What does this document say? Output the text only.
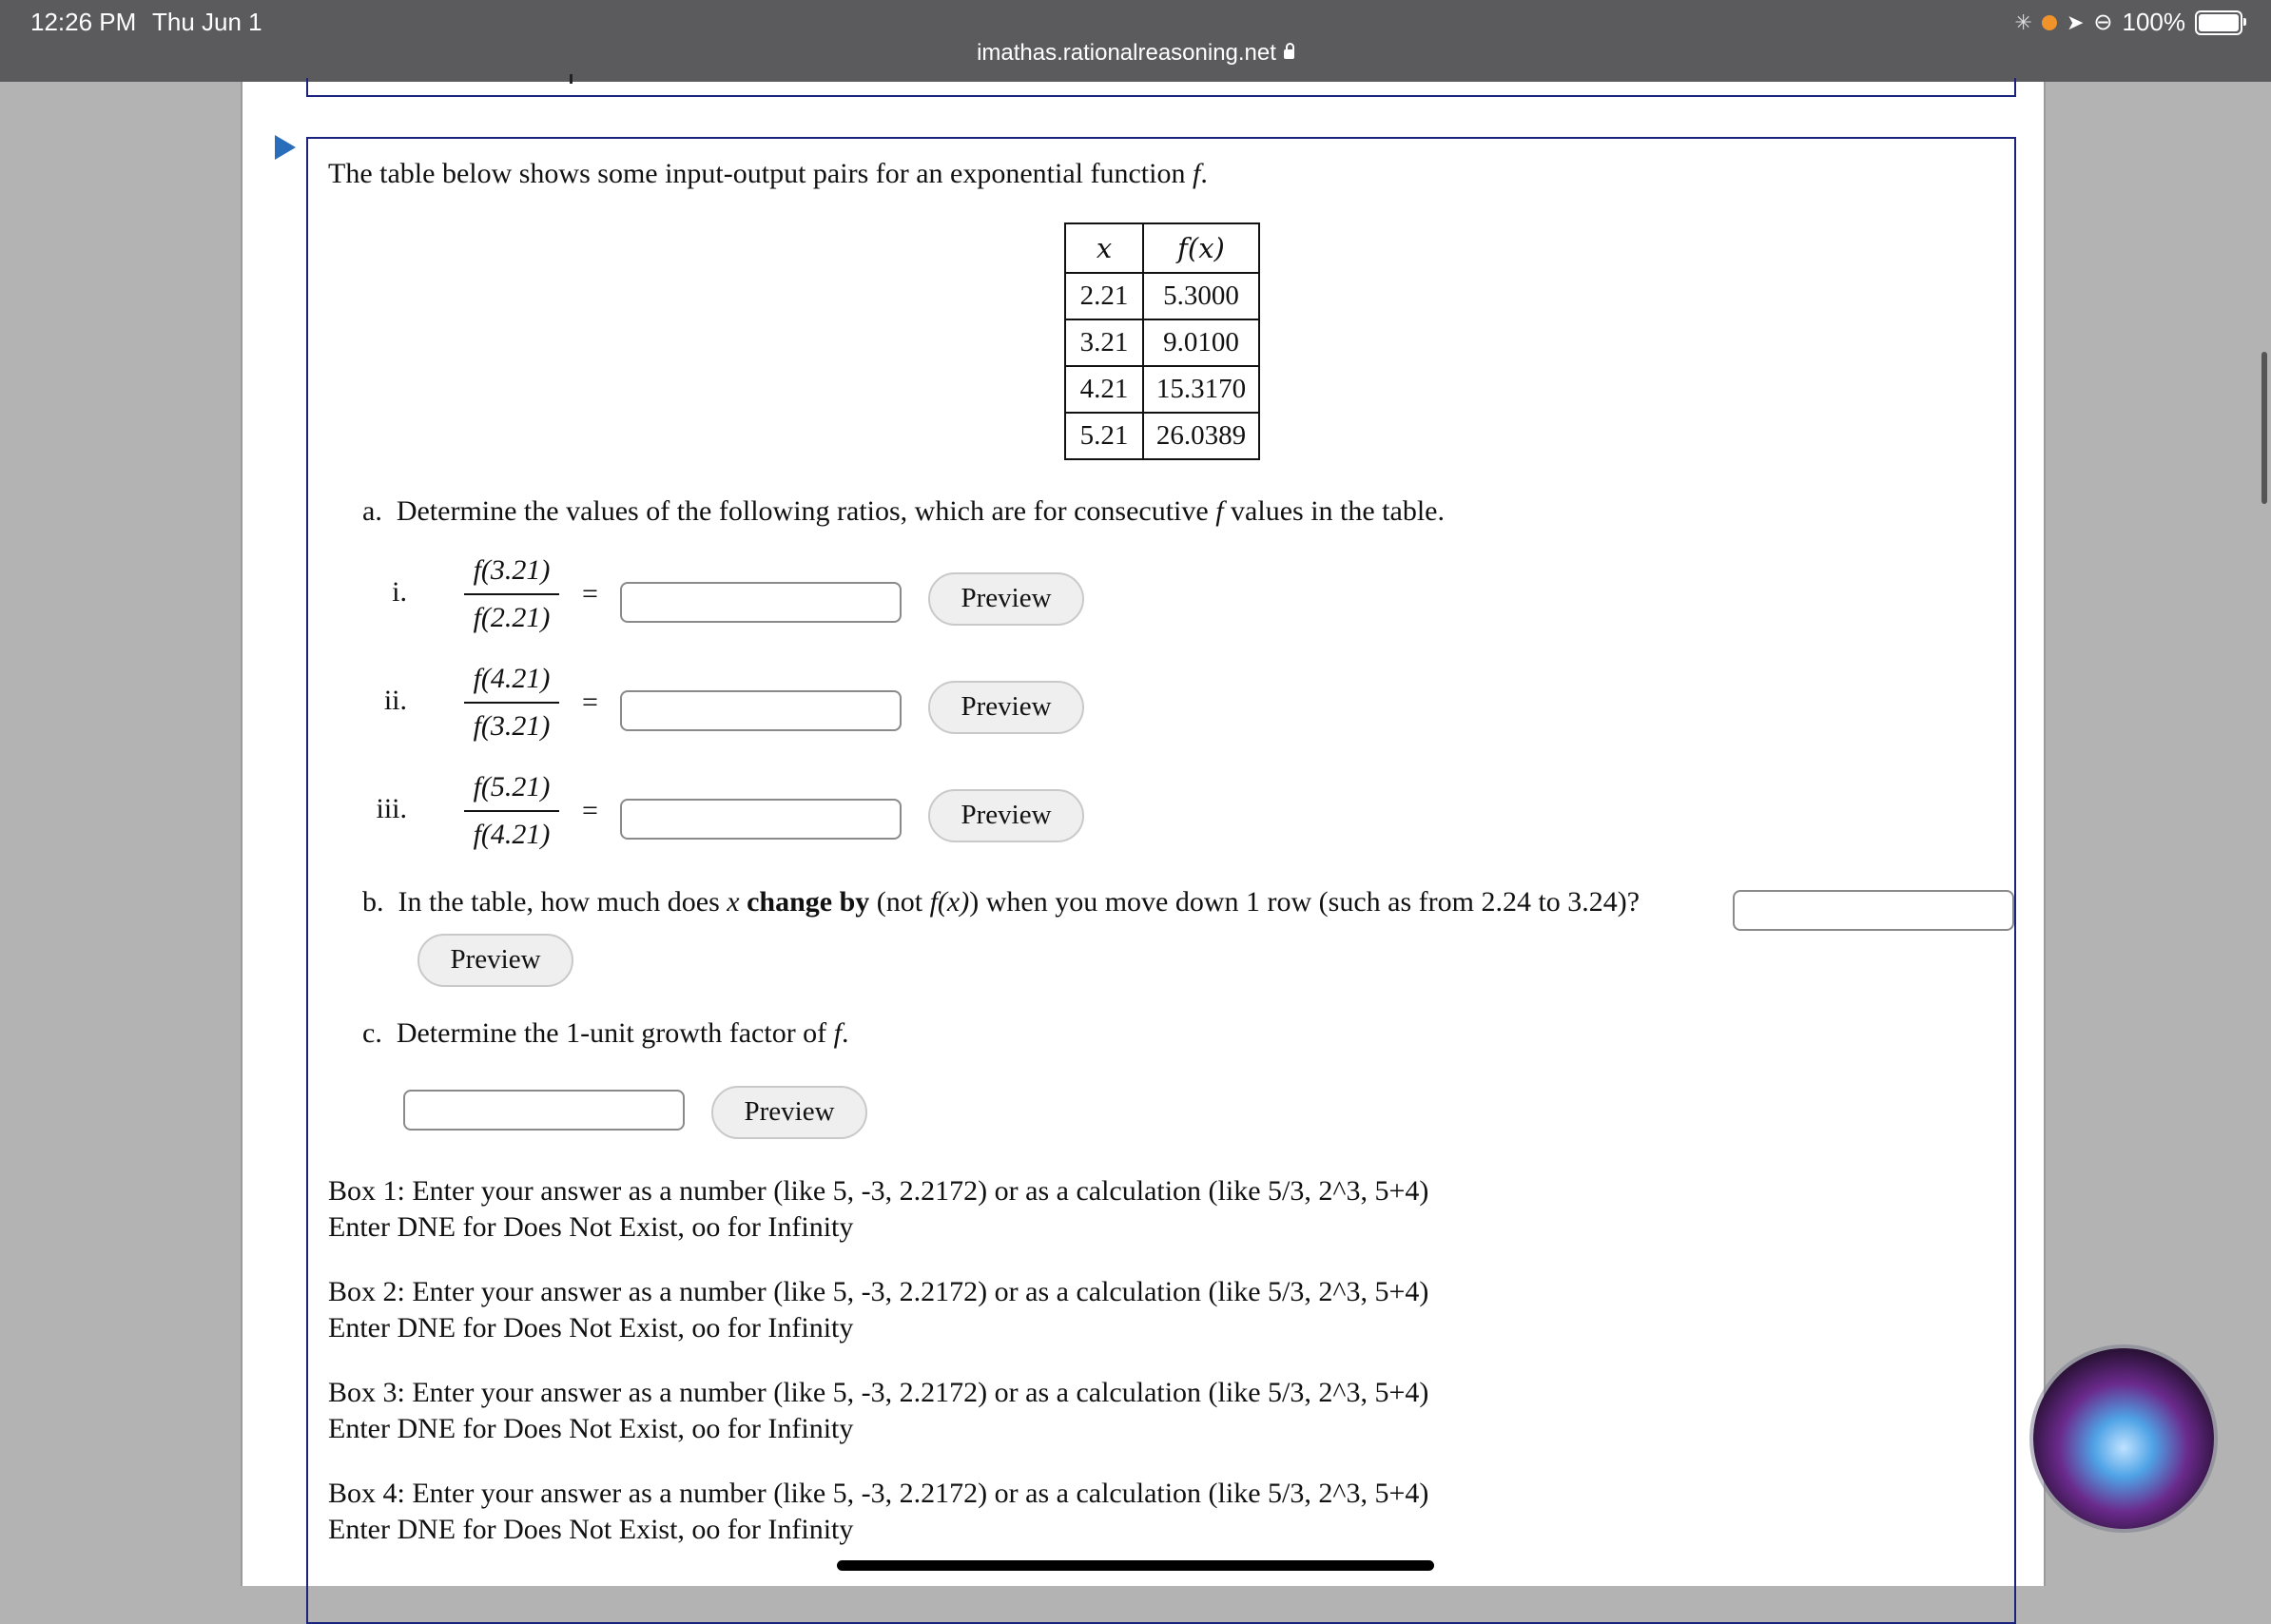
12:26 PM Thu Jun 1
imathas.rationalreasoning.net
✳ ➤ ⊖ 100%
The table below shows some input-output pairs for an exponential function f.
x	f(x)
2.21	5.3000
3.21	9.0100
4.21	15.3170
5.21	26.0389
a. Determine the values of the following ratios, which are for consecutive f values in the table.
i.
f(3.21)
f(2.21)
=	Preview
ii.
f(4.21)
f(3.21)
=	Preview
iii.
f(5.21)
f(4.21)
=	Preview
b. In the table, how much does x change by (not f(x)) when you move down 1 row (such as from 2.24 to 3.24)?
Preview
c. Determine the 1-unit growth factor of f.
Preview
Box 1: Enter your answer as a number (like 5, -3, 2.2172) or as a calculation (like 5/3, 2^3, 5+4)
Enter DNE for Does Not Exist, oo for Infinity
Box 2: Enter your answer as a number (like 5, -3, 2.2172) or as a calculation (like 5/3, 2^3, 5+4)
Enter DNE for Does Not Exist, oo for Infinity
Box 3: Enter your answer as a number (like 5, -3, 2.2172) or as a calculation (like 5/3, 2^3, 5+4)
Enter DNE for Does Not Exist, oo for Infinity
Box 4: Enter your answer as a number (like 5, -3, 2.2172) or as a calculation (like 5/3, 2^3, 5+4)
Enter DNE for Does Not Exist, oo for Infinity
